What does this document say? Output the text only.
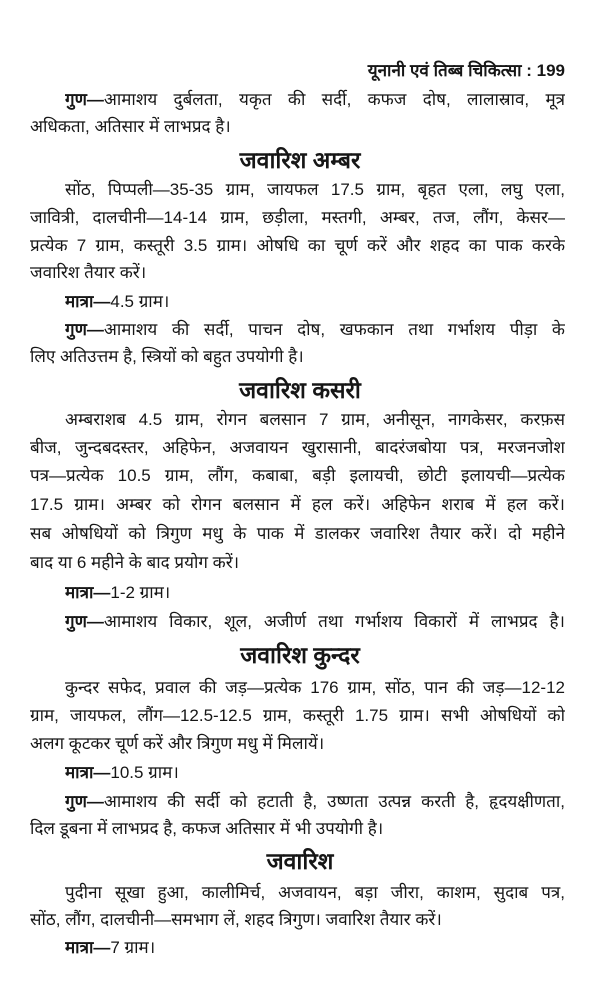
यूनानी एवं तिब्ब चिकित्सा : 199
गुण—आमाशय दुर्बलता, यकृत की सर्दी, कफज दोष, लालास्राव, मूत्र
अधिकता, अतिसार में लाभप्रद है।
जवारिश अम्बर
सोंठ, पिप्पली—35-35 ग्राम, जायफल 17.5 ग्राम, बृहत एला, लघु एला,
जावित्री, दालचीनी—14-14 ग्राम, छड़ीला, मस्तगी, अम्बर, तज, लौंग, केसर—
प्रत्येक 7 ग्राम, कस्तूरी 3.5 ग्राम। ओषधि का चूर्ण करें और शहद का पाक करके
जवारिश तैयार करें।
मात्रा—4.5 ग्राम।
गुण—आमाशय की सर्दी, पाचन दोष, खफकान तथा गर्भाशय पीड़ा के
लिए अतिउत्तम है, स्त्रियों को बहुत उपयोगी है।
जवारिश कसरी
अम्बराशब 4.5 ग्राम, रोगन बलसान 7 ग्राम, अनीसून, नागकेसर, करफ़स
बीज, जुन्दबदस्तर, अहिफेन, अजवायन खुरासानी, बादरंजबोया पत्र, मरजनजोश
पत्र—प्रत्येक 10.5 ग्राम, लौंग, कबाबा, बड़ी इलायची, छोटी इलायची—प्रत्येक
17.5 ग्राम। अम्बर को रोगन बलसान में हल करें। अहिफेन शराब में हल करें।
सब ओषधियों को त्रिगुण मधु के पाक में डालकर जवारिश तैयार करें। दो महीने
बाद या 6 महीने के बाद प्रयोग करें।
मात्रा—1-2 ग्राम।
गुण—आमाशय विकार, शूल, अजीर्ण तथा गर्भाशय विकारों में लाभप्रद है।
जवारिश कुन्दर
कुन्दर सफेद, प्रवाल की जड़—प्रत्येक 176 ग्राम, सोंठ, पान की जड़—12-12
ग्राम, जायफल, लौंग—12.5-12.5 ग्राम, कस्तूरी 1.75 ग्राम। सभी ओषधियों को
अलग कूटकर चूर्ण करें और त्रिगुण मधु में मिलायें।
मात्रा—10.5 ग्राम।
गुण—आमाशय की सर्दी को हटाती है, उष्णता उत्पन्न करती है, हृदयक्षीणता,
दिल डूबना में लाभप्रद है, कफज अतिसार में भी उपयोगी है।
जवारिश
पुदीना सूखा हुआ, कालीमिर्च, अजवायन, बड़ा जीरा, काशम, सुदाब पत्र,
सोंठ, लौंग, दालचीनी—समभाग लें, शहद त्रिगुण। जवारिश तैयार करें।
मात्रा—7 ग्राम।
